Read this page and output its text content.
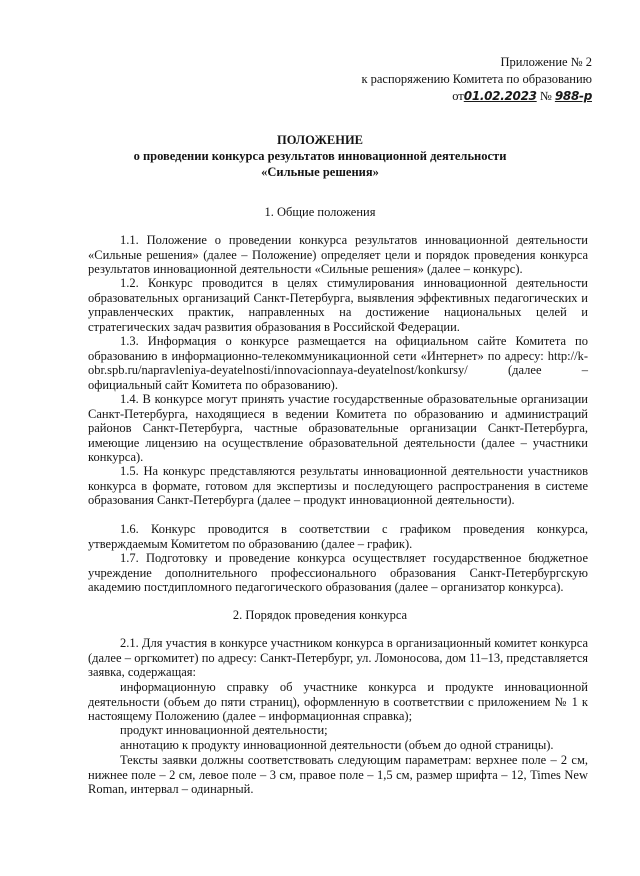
Приложение № 2
к распоряжению Комитета по образованию
от01.02.2023 № 988-р
ПОЛОЖЕНИЕ
о проведении конкурса результатов инновационной деятельности
«Сильные решения»
1. Общие положения

1.1. Положение о проведении конкурса результатов инновационной деятельности «Сильные решения» (далее – Положение) определяет цели и порядок проведения конкурса результатов инновационной деятельности «Сильные решения» (далее – конкурс).

1.2. Конкурс проводится в целях стимулирования инновационной деятельности образовательных организаций Санкт-Петербурга, выявления эффективных педагогических и управленческих практик, направленных на достижение национальных целей и стратегических задач развития образования в Российской Федерации.

1.3. Информация о конкурсе размещается на официальном сайте Комитета по образованию в информационно-телекоммуникационной сети «Интернет» по адресу: http://k-obr.spb.ru/napravleniya-deyatelnosti/innovacionnaya-deyatelnost/konkursy/ (далее – официальный сайт Комитета по образованию).

1.4. В конкурсе могут принять участие государственные образовательные организации Санкт-Петербурга, находящиеся в ведении Комитета по образованию и администраций районов Санкт-Петербурга, частные образовательные организации Санкт-Петербурга, имеющие лицензию на осуществление образовательной деятельности (далее – участники конкурса).

1.5. На конкурс представляются результаты инновационной деятельности участников конкурса в формате, готовом для экспертизы и последующего распространения в системе образования Санкт-Петербурга (далее – продукт инновационной деятельности).

1.6. Конкурс проводится в соответствии с графиком проведения конкурса, утверждаемым Комитетом по образованию (далее – график).

1.7. Подготовку и проведение конкурса осуществляет государственное бюджетное учреждение дополнительного профессионального образования Санкт-Петербургскую академию постдипломного педагогического образования (далее – организатор конкурса).

2. Порядок проведения конкурса

2.1. Для участия в конкурсе участником конкурса в организационный комитет конкурса (далее – оргкомитет) по адресу: Санкт-Петербург, ул. Ломоносова, дом 11–13, представляется заявка, содержащая:

информационную справку об участнике конкурса и продукте инновационной деятельности (объем до пяти страниц), оформленную в соответствии с приложением № 1 к настоящему Положению (далее – информационная справка);

продукт инновационной деятельности;

аннотацию к продукту инновационной деятельности (объем до одной страницы).

Тексты заявки должны соответствовать следующим параметрам: верхнее поле – 2 см, нижнее поле – 2 см, левое поле – 3 см, правое поле – 1,5 см, размер шрифта – 12, Times New Roman, интервал – одинарный.
